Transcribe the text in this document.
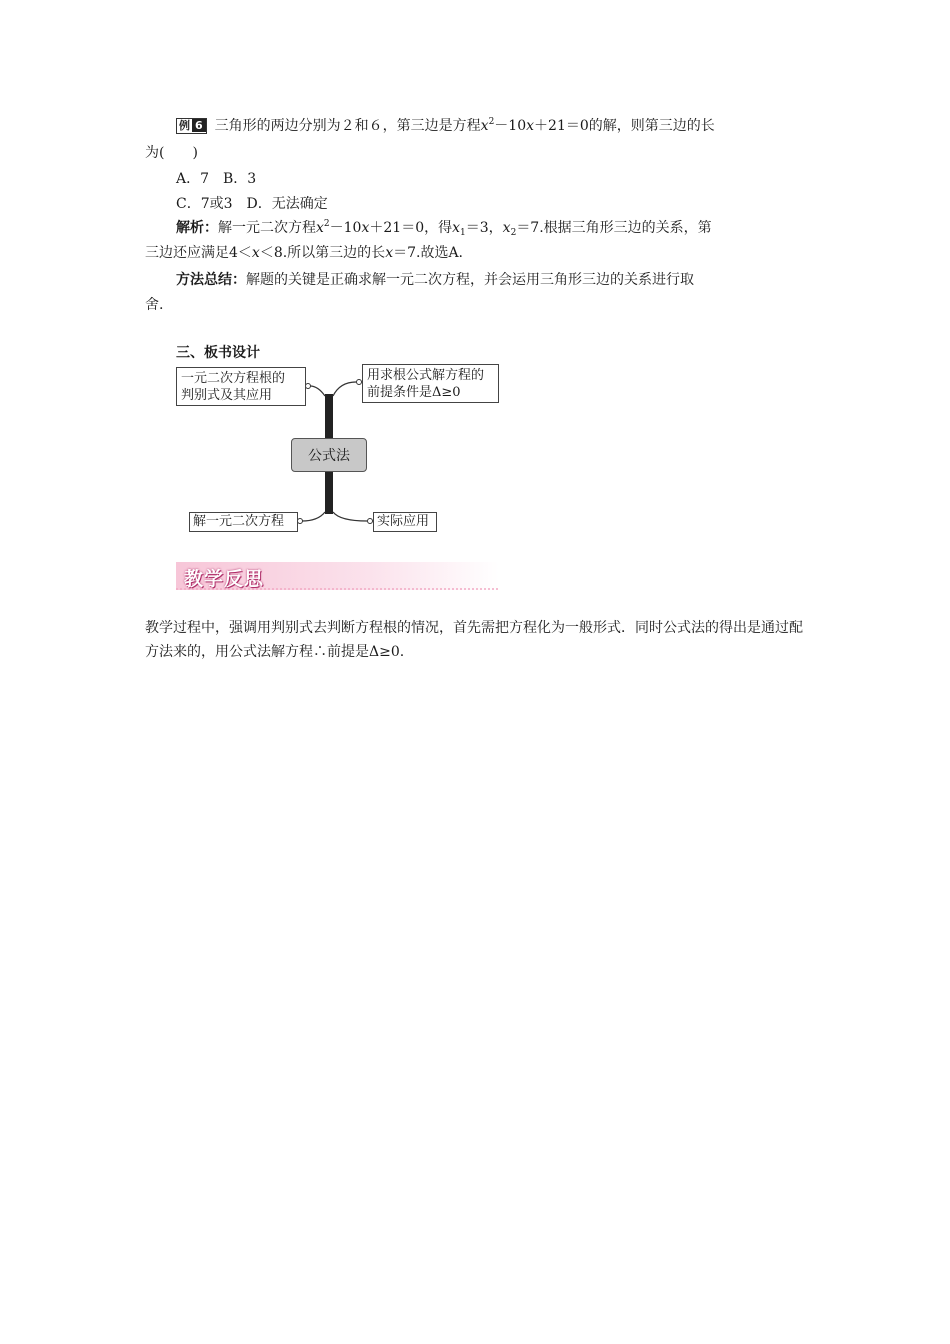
例 6 三角形的两边分别为２和６，第三边是方程$x^2-10x+21=0$的解，则第三边的长
为(　　)
A．7　B．3
C．7或3　D．无法确定
解析：解一元二次方程$x^2-10x+21=0$，得$x_1=3$，$x_2=7$.根据三角形三边的关系，第
三边还应满足4＜x＜8.所以第三边的长x＝7.故选A.
方法总结：解题的关键是正确求解一元二次方程，并会运用三角形三边的关系进行取
舍.
三、板书设计
一元二次方程根的
判别式及其应用
用求根公式解方程的
前提条件是Δ≥0
公式法
解一元二次方程	实际应用
教学反思
教学过程中，强调用判别式去判断方程根的情况，首先需把方程化为一般形式．同时公式法的得出是通过配方法来的，用公式法解方程∴前提是Δ≥0.
